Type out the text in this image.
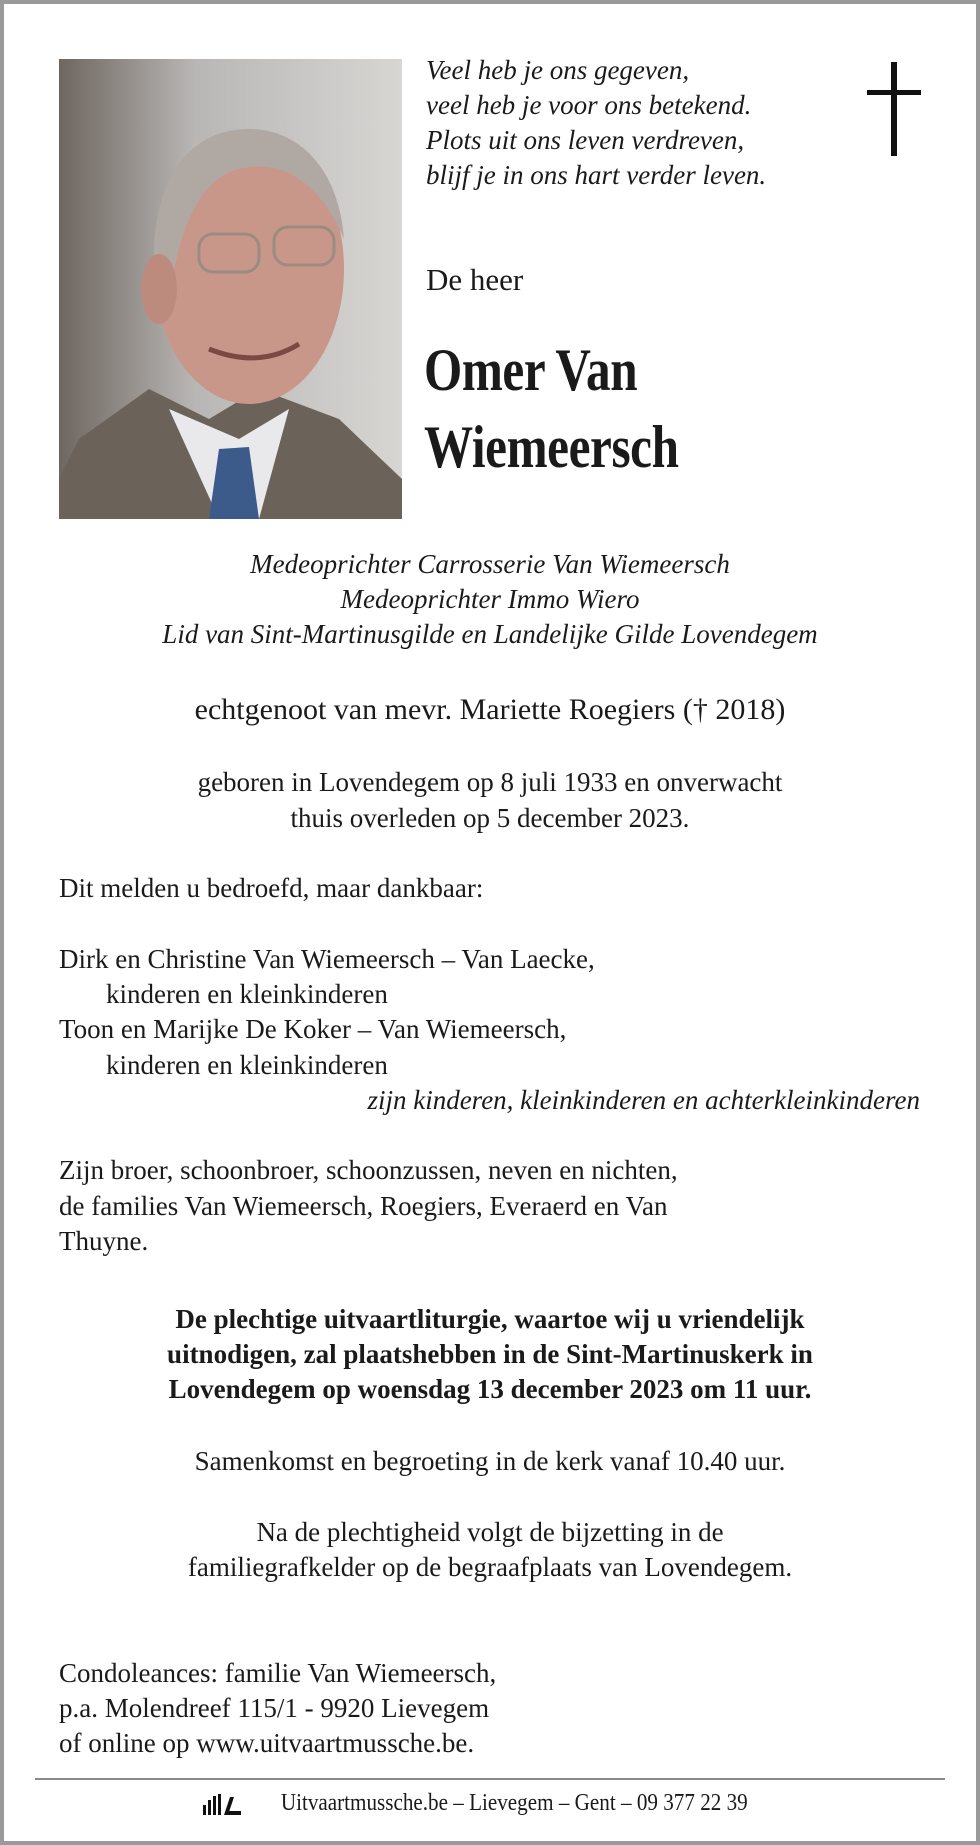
Veel heb je ons gegeven,
veel heb je voor ons betekend.
Plots uit ons leven verdreven,
blijf je in ons hart verder leven.
De heer
Omer Van
Wiemeersch
Medeoprichter Carrosserie Van Wiemeersch
Medeoprichter Immo Wiero
Lid van Sint-Martinusgilde en Landelijke Gilde Lovendegem
echtgenoot van mevr. Mariette Roegiers († 2018)
geboren in Lovendegem op 8 juli 1933 en onverwacht
thuis overleden op 5 december 2023.
Dit melden u bedroefd, maar dankbaar:
Dirk en Christine Van Wiemeersch – Van Laecke,
kinderen en kleinkinderen
Toon en Marijke De Koker – Van Wiemeersch,
kinderen en kleinkinderen
zijn kinderen, kleinkinderen en achterkleinkinderen
Zijn broer, schoonbroer, schoonzussen, neven en nichten,
de families Van Wiemeersch, Roegiers, Everaerd en Van
Thuyne.
De plechtige uitvaartliturgie, waartoe wij u vriendelijk
uitnodigen, zal plaatshebben in de Sint-Martinuskerk in
Lovendegem op woensdag 13 december 2023 om 11 uur.
Samenkomst en begroeting in de kerk vanaf 10.40 uur.
Na de plechtigheid volgt de bijzetting in de
familiegrafkelder op de begraafplaats van Lovendegem.
Condoleances: familie Van Wiemeersch,
p.a. Molendreef 115/1 - 9920 Lievegem
of online op www.uitvaartmussche.be.
Uitvaartmussche.be – Lievegem – Gent – 09 377 22 39
